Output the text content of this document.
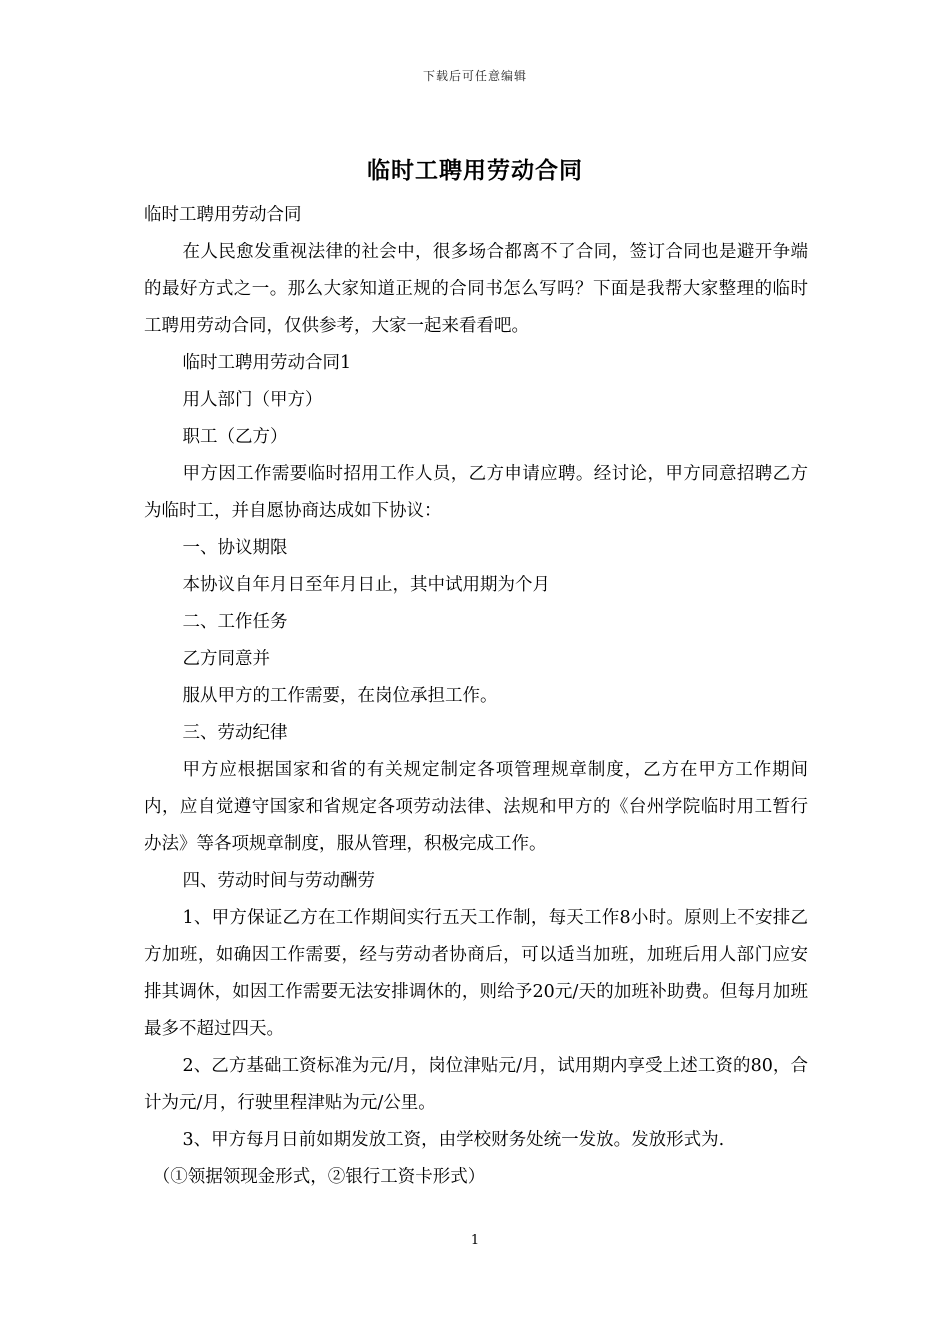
下载后可任意编辑
临时工聘用劳动合同

临时工聘用劳动合同

在人民愈发重视法律的社会中，很多场合都离不了合同，签订合同也是避开争端的最好方式之一。那么大家知道正规的合同书怎么写吗？下面是我帮大家整理的临时工聘用劳动合同，仅供参考，大家一起来看看吧。

临时工聘用劳动合同1

用人部门（甲方）

职工（乙方）

甲方因工作需要临时招用工作人员，乙方申请应聘。经讨论，甲方同意招聘乙方为临时工，并自愿协商达成如下协议：

一、协议期限

本协议自年月日至年月日止，其中试用期为个月

二、工作任务

乙方同意并

服从甲方的工作需要，在岗位承担工作。

三、劳动纪律

甲方应根据国家和省的有关规定制定各项管理规章制度，乙方在甲方工作期间内，应自觉遵守国家和省规定各项劳动法律、法规和甲方的《台州学院临时用工暂行办法》等各项规章制度，服从管理，积极完成工作。

四、劳动时间与劳动酬劳

1、甲方保证乙方在工作期间实行五天工作制，每天工作8小时。原则上不安排乙方加班，如确因工作需要，经与劳动者协商后，可以适当加班，加班后用人部门应安排其调休，如因工作需要无法安排调休的，则给予20元/天的加班补助费。但每月加班最多不超过四天。

2、乙方基础工资标准为元/月，岗位津贴元/月，试用期内享受上述工资的80，合计为元/月，行驶里程津贴为元/公里。

3、甲方每月日前如期发放工资，由学校财务处统一发放。发放形式为.

（①领据领现金形式，②银行工资卡形式）

1
